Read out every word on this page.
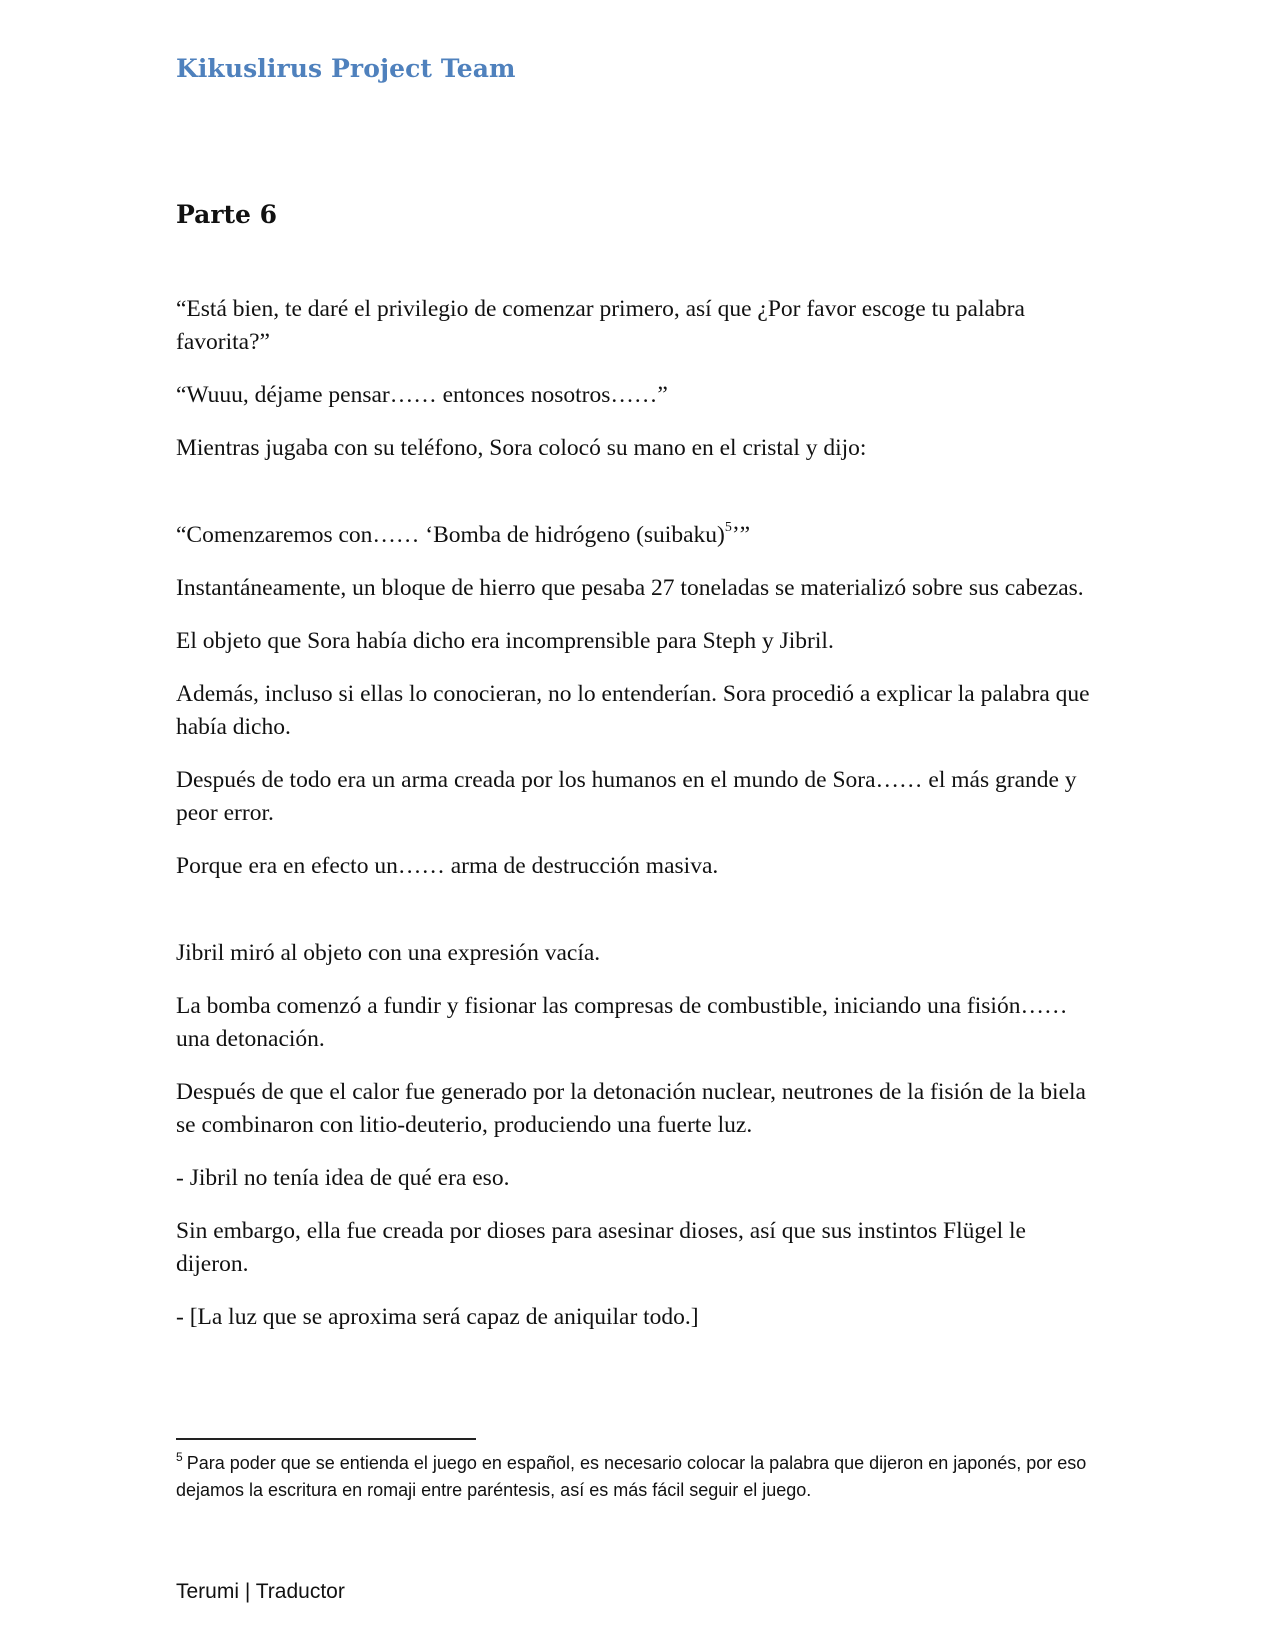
Kikuslirus Project Team
Parte 6

“Está bien, te daré el privilegio de comenzar primero, así que ¿Por favor escoge tu palabra favorita?”

“Wuuu, déjame pensar…… entonces nosotros……”

Mientras jugaba con su teléfono, Sora colocó su mano en el cristal y dijo:

“Comenzaremos con…… ‘Bomba de hidrógeno (suibaku)$^5$’”

Instantáneamente, un bloque de hierro que pesaba 27 toneladas se materializó sobre sus cabezas.

El objeto que Sora había dicho era incomprensible para Steph y Jibril.

Además, incluso si ellas lo conocieran, no lo entenderían. Sora procedió a explicar la palabra que había dicho.

Después de todo era un arma creada por los humanos en el mundo de Sora…… el más grande y peor error.

Porque era en efecto un…… arma de destrucción masiva.

Jibril miró al objeto con una expresión vacía.

La bomba comenzó a fundir y fisionar las compresas de combustible, iniciando una fisión…… una detonación.

Después de que el calor fue generado por la detonación nuclear, neutrones de la fisión de la biela se combinaron con litio-deuterio, produciendo una fuerte luz.

- Jibril no tenía idea de qué era eso.

Sin embargo, ella fue creada por dioses para asesinar dioses, así que sus instintos Flügel le dijeron.

- [La luz que se aproxima será capaz de aniquilar todo.]

$^5$ Para poder que se entienda el juego en español, es necesario colocar la palabra que dijeron en japonés, por eso dejamos la escritura en romaji entre paréntesis, así es más fácil seguir el juego.
Terumi | Traductor
